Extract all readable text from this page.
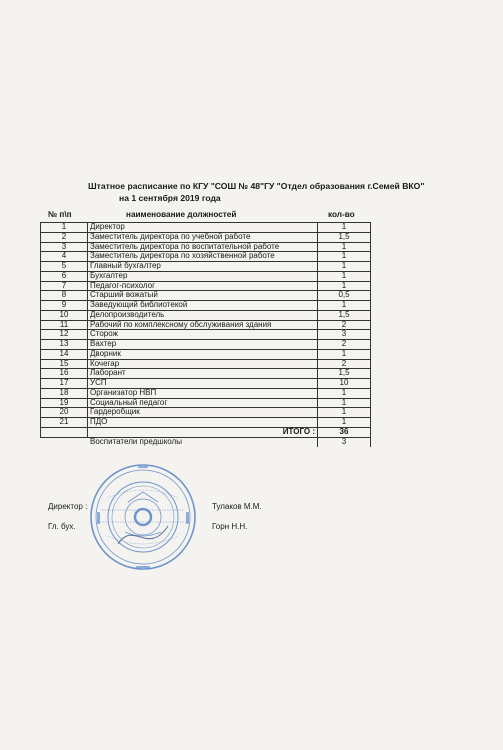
Штатное расписание по КГУ "СОШ № 48"ГУ "Отдел образования г.Семей ВКО"
на 1 сентября 2019 года
№ п\п	наименование должностей	кол-во
1	Директор	1
2	Заместитель директора по учебной работе	1,5
3	Заместитель директора по воспитательной работе	1
4	Заместитель директора по хозяйственной работе	1
5	Главный бухгалтер	1
6	Бухгалтер	1
7	Педагог-психолог	1
8	Старший вожатый	0,5
9	Заведующий библиотекой	1
10	Делопроизводитель	1,5
11	Рабочий по комплексному обслуживания здания	2
12	Сторож	3
13	Вахтер	2
14	Дворник	1
15	Кочегар	2
16	Лаборант	1,5
17	УСП	10
18	Организатор НВП	1
19	Социальный педагог	1
20	Гардеробщик	1
21	ПДО	1
	ИТОГО :	36
	Воспитатели предшколы	3
Директор :	Тулаков М.М.
Гл. бух.	Горн Н.Н.
